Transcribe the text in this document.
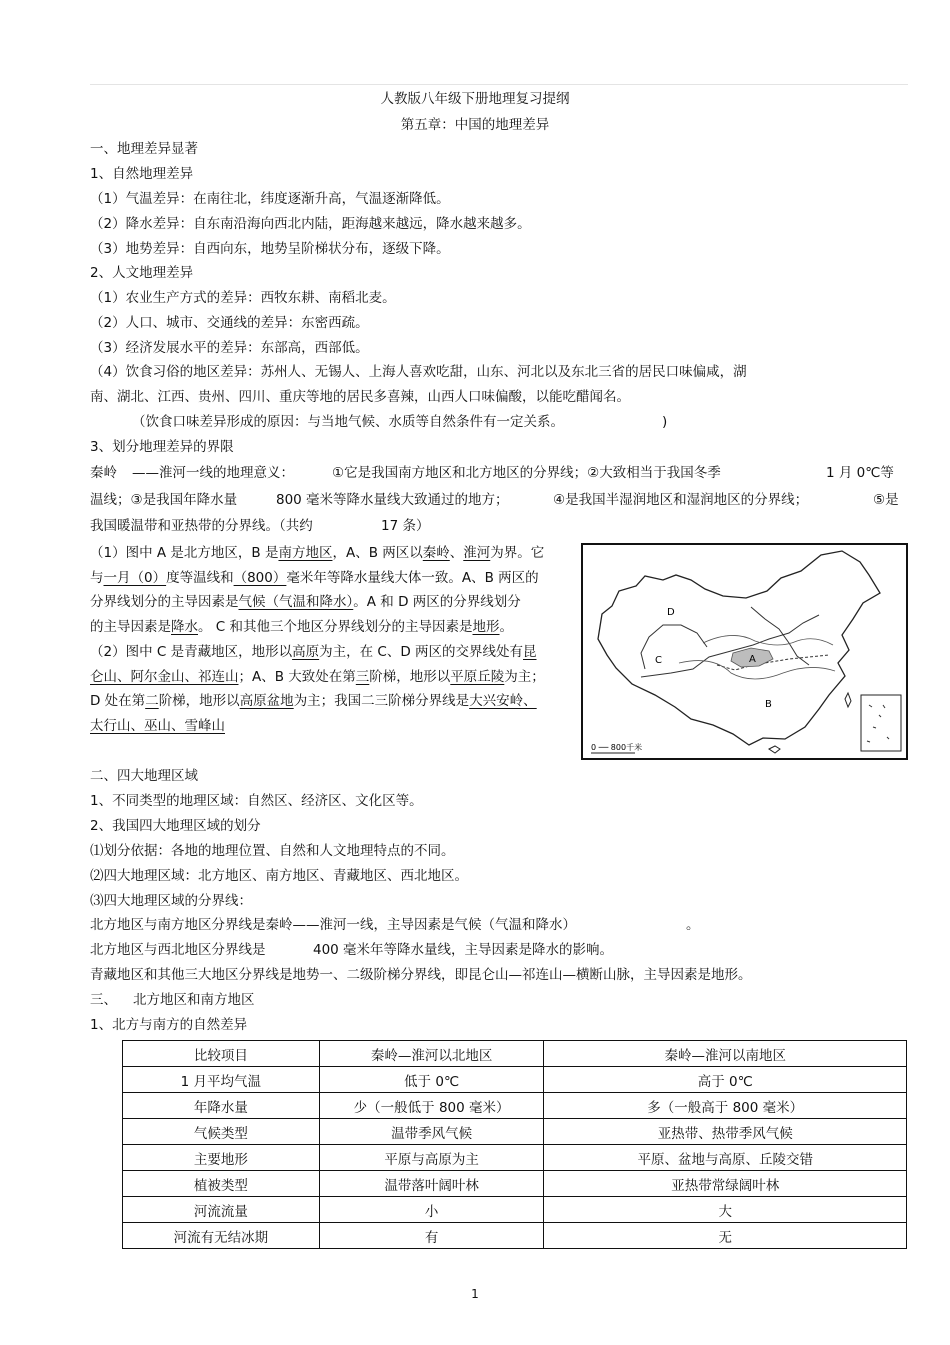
人教版八年级下册地理复习提纲
第五章：中国的地理差异
一、地理差异显著
1、自然地理差异
（1）气温差异：在南往北，纬度逐渐升高，气温逐渐降低。
（2）降水差异：自东南沿海向西北内陆，距海越来越远，降水越来越多。
（3）地势差异：自西向东，地势呈阶梯状分布，逐级下降。
2、人文地理差异
（1）农业生产方式的差异：西牧东耕、南稻北麦。
（2）人口、城市、交通线的差异：东密西疏。
（3）经济发展水平的差异：东部高，西部低。
（4）饮食习俗的地区差异：苏州人、无锡人、上海人喜欢吃甜，山东、河北以及东北三省的居民口味偏咸，湖
南、湖北、江西、贵州、四川、重庆等地的居民多喜辣，山西人口味偏酸，以能吃醋闻名。
（饮食口味差异形成的原因：与当地气候、水质等自然条件有一定关系。	)
3、划分地理差异的界限
秦岭 ——淮河一线的地理意义：	①它是我国南方地区和北方地区的分界线；②大致相当于我国冬季	1 月 0℃等
温线；③是我国年降水量	800 毫米等降水量线大致通过的地方；	④是我国半湿润地区和湿润地区的分界线；	⑤是
我国暖温带和亚热带的分界线。（共约	17 条）
（1）图中 A 是北方地区，B 是南方地区，A、B 两区以秦岭、淮河为界。它
与一月（0）度等温线和（800）毫米年等降水量线大体一致。A、B 两区的
分界线划分的主导因素是气候（气温和降水）。A 和 D 两区的分界线划分
的主导因素是降水。 C 和其他三个地区分界线划分的主导因素是地形。
（2）图中 C 是青藏地区，地形以高原为主，在 C、D 两区的交界线处有昆
仑山、阿尔金山、祁连山；A、B 大致处在第三阶梯，地形以平原丘陵为主；
D 处在第二阶梯，地形以高原盆地为主；我国二三阶梯分界线是大兴安岭、
太行山、巫山、雪峰山
D
C	A
B
0 ── 800千米
二、四大地理区域
1、不同类型的地理区域：自然区、经济区、文化区等。
2、我国四大地理区域的划分
⑴划分依据：各地的地理位置、自然和人文地理特点的不同。
⑵四大地理区域：北方地区、南方地区、青藏地区、西北地区。
⑶四大地理区域的分界线：
北方地区与南方地区分界线是秦岭——淮河一线，主导因素是气候（气温和降水）	。
北方地区与西北地区分界线是	400 毫米年等降水量线，主导因素是降水的影响。
青藏地区和其他三大地区分界线是地势一、二级阶梯分界线，即昆仑山—祁连山—横断山脉，主导因素是地形。
三、 北方地区和南方地区
1、北方与南方的自然差异
比较项目	秦岭—淮河以北地区	秦岭—淮河以南地区
1 月平均气温	低于 0℃	高于 0℃
年降水量	少（一般低于 800 毫米）	多（一般高于 800 毫米）
气候类型	温带季风气候	亚热带、热带季风气候
主要地形	平原与高原为主	平原、盆地与高原、丘陵交错
植被类型	温带落叶阔叶林	亚热带常绿阔叶林
河流流量	小	大
河流有无结冰期	有	无
1
